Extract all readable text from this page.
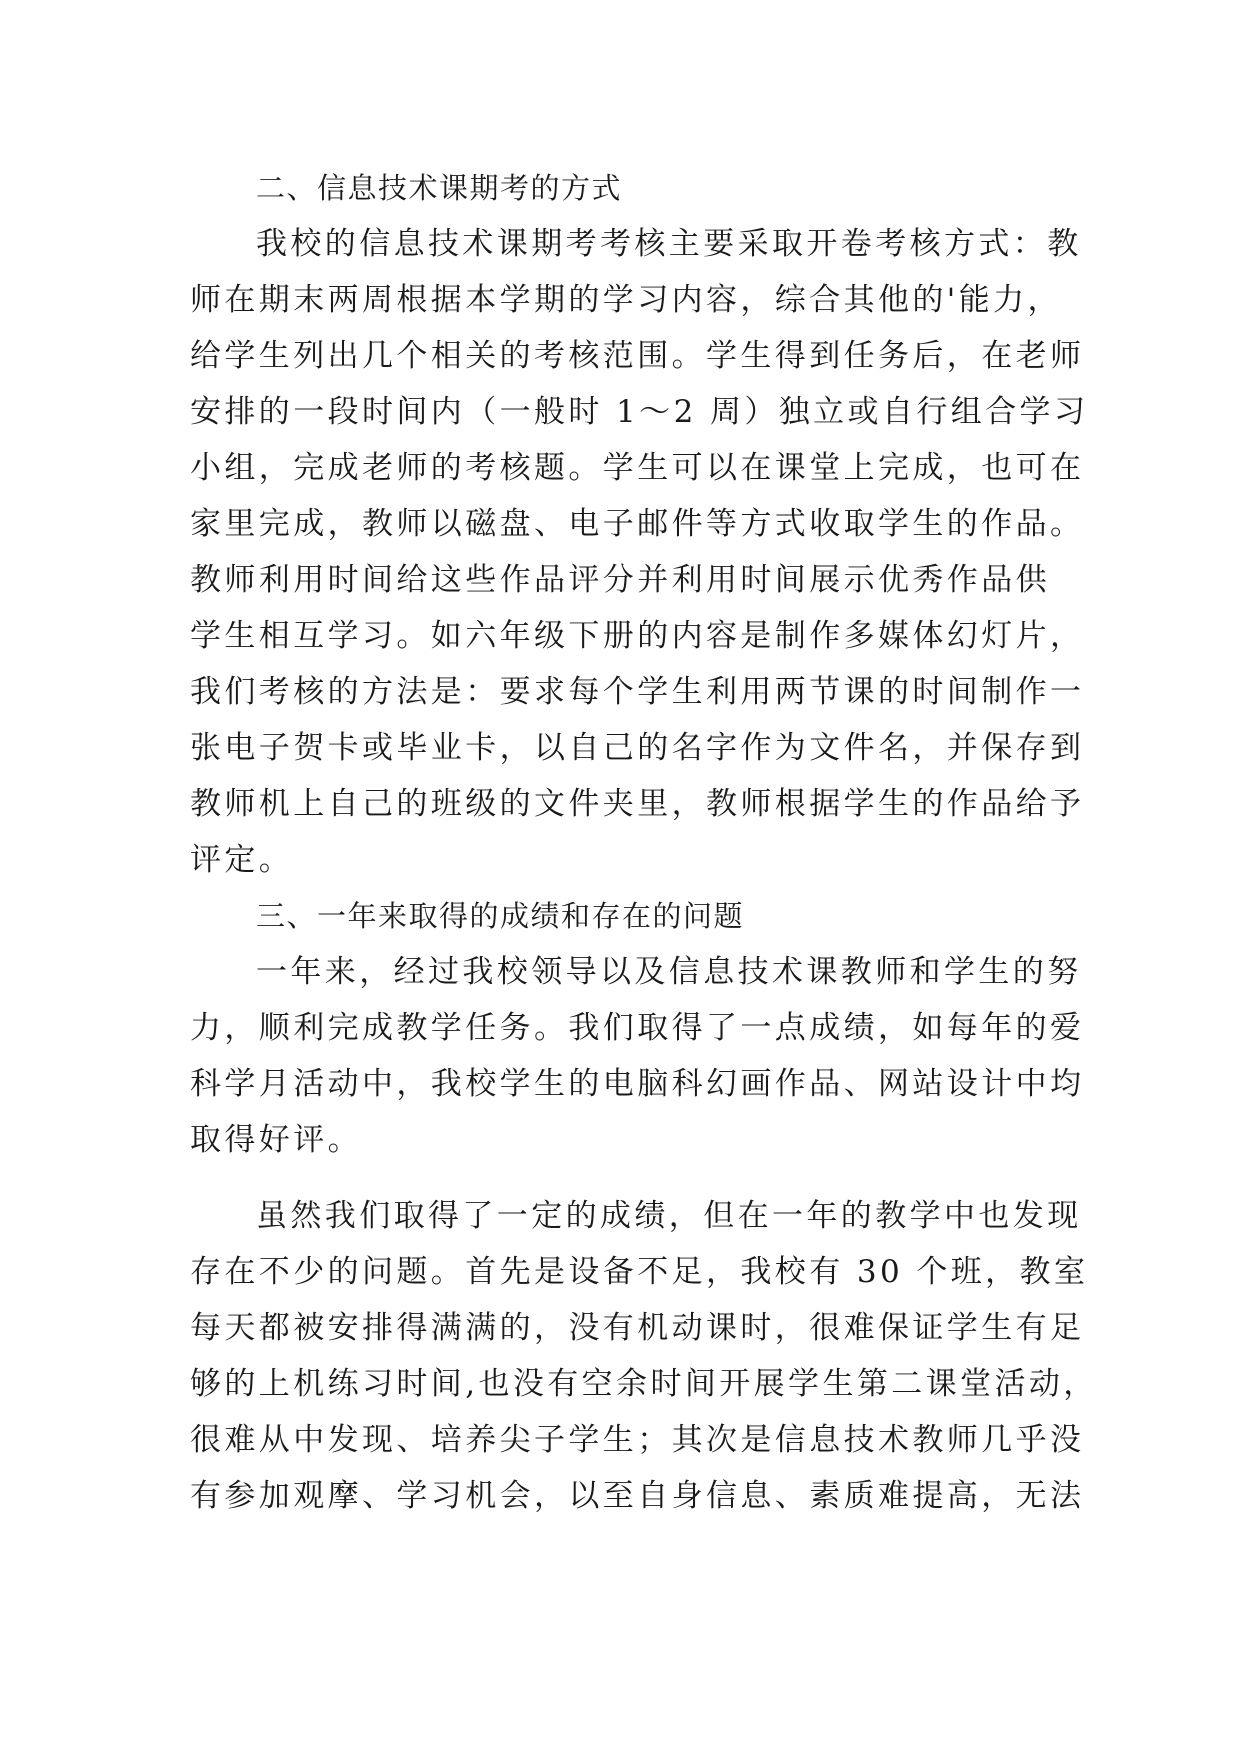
二、信息技术课期考的方式
我校的信息技术课期考考核主要采取开卷考核方式：教
师在期末两周根据本学期的学习内容，综合其他的'能力，
给学生列出几个相关的考核范围。学生得到任务后，在老师
安排的一段时间内（一般时 1～2 周）独立或自行组合学习
小组，完成老师的考核题。学生可以在课堂上完成，也可在
家里完成，教师以磁盘、电子邮件等方式收取学生的作品。
教师利用时间给这些作品评分并利用时间展示优秀作品供
学生相互学习。如六年级下册的内容是制作多媒体幻灯片，
我们考核的方法是：要求每个学生利用两节课的时间制作一
张电子贺卡或毕业卡，以自己的名字作为文件名，并保存到
教师机上自己的班级的文件夹里，教师根据学生的作品给予
评定。
三、一年来取得的成绩和存在的问题
一年来，经过我校领导以及信息技术课教师和学生的努
力，顺利完成教学任务。我们取得了一点成绩，如每年的爱
科学月活动中，我校学生的电脑科幻画作品、网站设计中均
取得好评。
虽然我们取得了一定的成绩，但在一年的教学中也发现
存在不少的问题。首先是设备不足，我校有 30 个班，教室
每天都被安排得满满的，没有机动课时，很难保证学生有足
够的上机练习时间,也没有空余时间开展学生第二课堂活动，
很难从中发现、培养尖子学生；其次是信息技术教师几乎没
有参加观摩、学习机会，以至自身信息、素质难提高，无法
